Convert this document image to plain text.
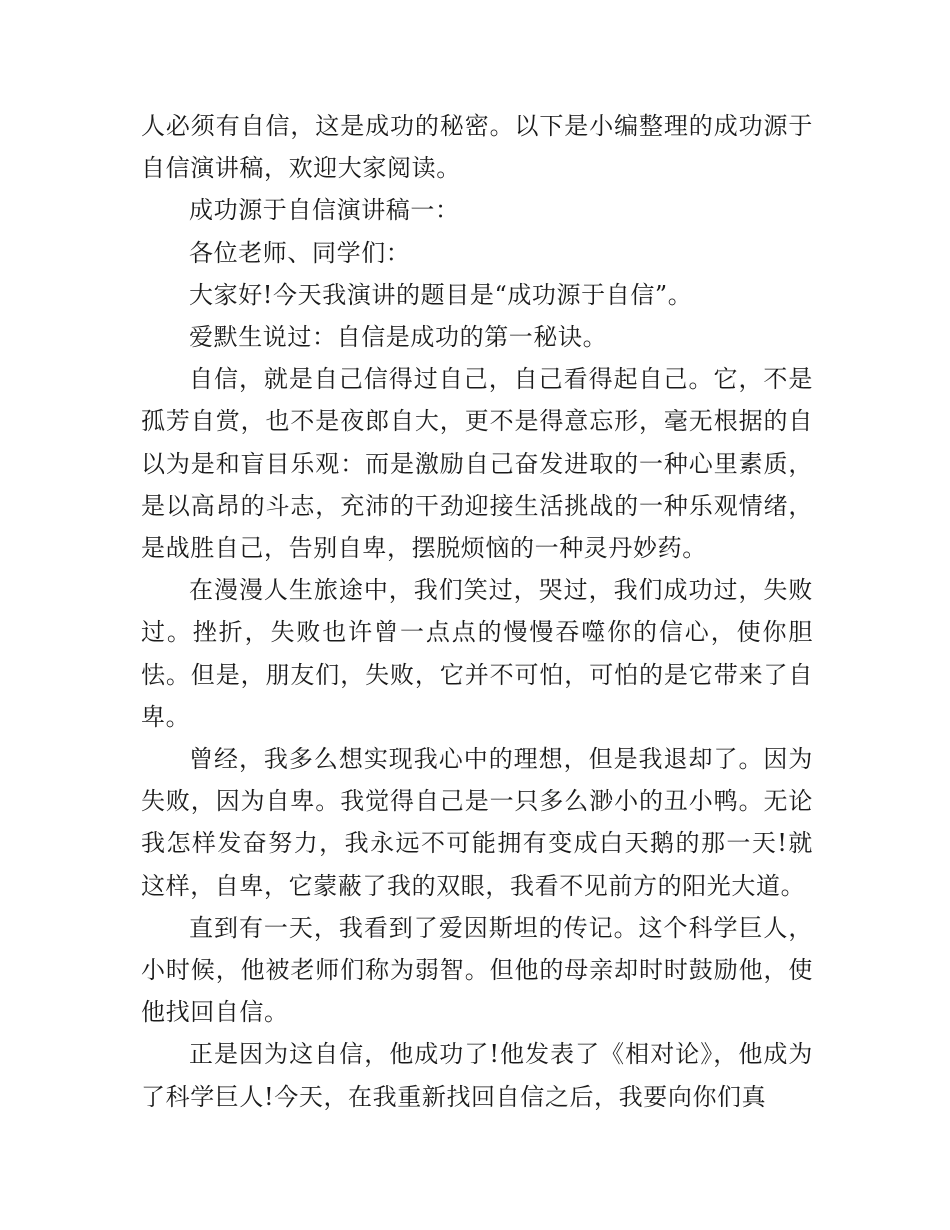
人必须有自信，这是成功的秘密。以下是小编整理的成功源于自信演讲稿，欢迎大家阅读。

成功源于自信演讲稿一：

各位老师、同学们：

大家好!今天我演讲的题目是“成功源于自信”。

爱默生说过：自信是成功的第一秘诀。

自信，就是自己信得过自己，自己看得起自己。它，不是孤芳自赏，也不是夜郎自大，更不是得意忘形，毫无根据的自以为是和盲目乐观：而是激励自己奋发进取的一种心里素质，是以高昂的斗志，充沛的干劲迎接生活挑战的一种乐观情绪，是战胜自己，告别自卑，摆脱烦恼的一种灵丹妙药。

在漫漫人生旅途中，我们笑过，哭过，我们成功过，失败过。挫折，失败也许曾一点点的慢慢吞噬你的信心，使你胆怯。但是，朋友们，失败，它并不可怕，可怕的是它带来了自卑。

曾经，我多么想实现我心中的理想，但是我退却了。因为失败，因为自卑。我觉得自己是一只多么渺小的丑小鸭。无论我怎样发奋努力，我永远不可能拥有变成白天鹅的那一天!就这样，自卑，它蒙蔽了我的双眼，我看不见前方的阳光大道。

直到有一天，我看到了爱因斯坦的传记。这个科学巨人，小时候，他被老师们称为弱智。但他的母亲却时时鼓励他，使他找回自信。

正是因为这自信，他成功了!他发表了《相对论》，他成为了科学巨人!今天，在我重新找回自信之后，我要向你们真
